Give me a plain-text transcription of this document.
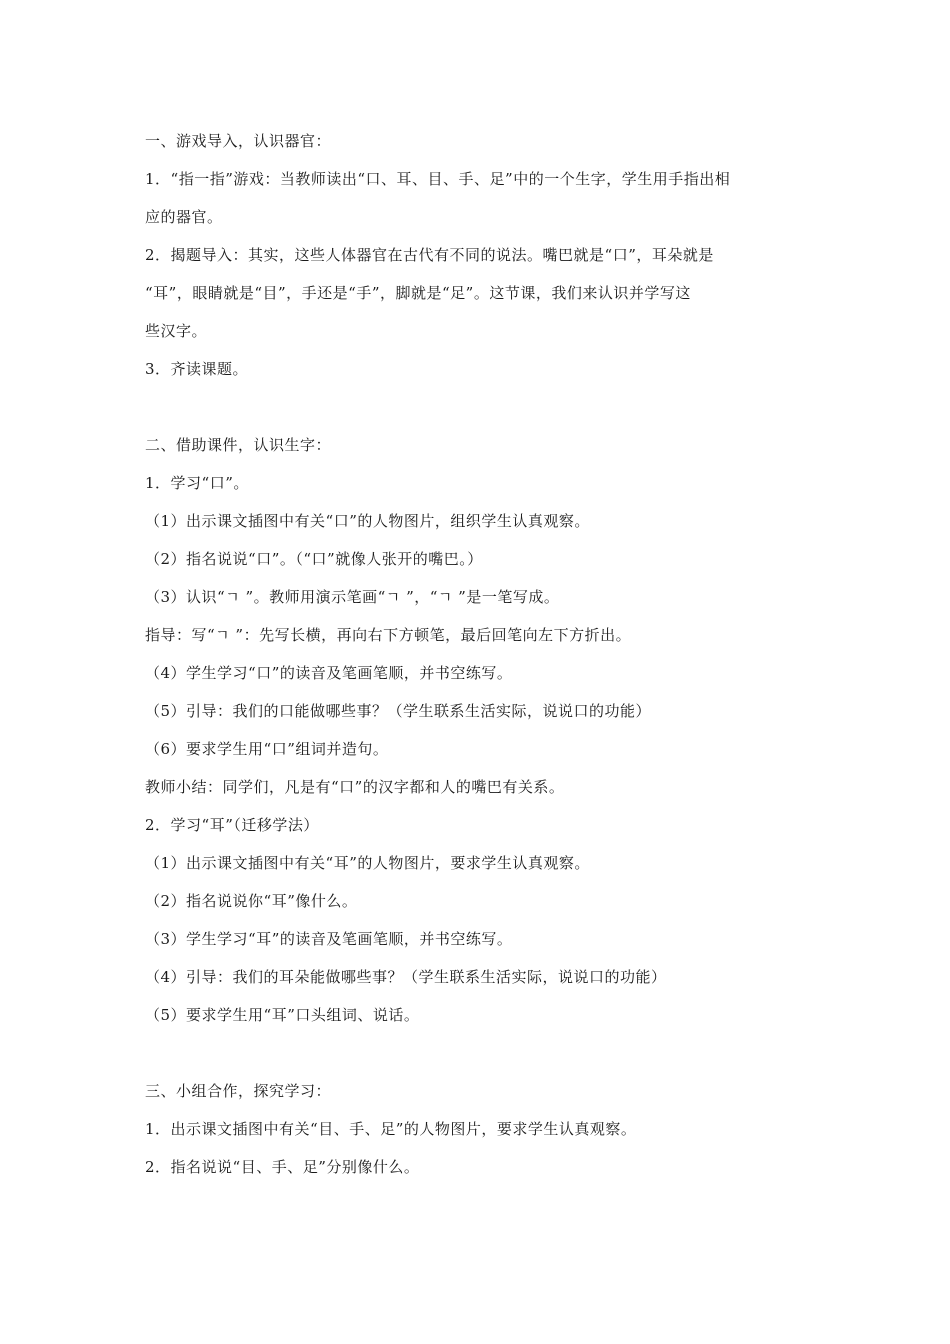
一、游戏导入，认识器官：
1．“指一指”游戏：当教师读出“口、耳、目、手、足”中的一个生字，学生用手指出相
应的器官。
2．揭题导入：其实，这些人体器官在古代有不同的说法。嘴巴就是“口”，耳朵就是
“耳”，眼睛就是“目”，手还是“手”，脚就是“足”。这节课，我们来认识并学写这
些汉字。
3．齐读课题。
二、借助课件，认识生字：
1．学习“口”。
（1）出示课文插图中有关“口”的人物图片，组织学生认真观察。
（2）指名说说“口”。（“口”就像人张开的嘴巴。）
（3）认识“ㄱ ”。教师用演示笔画“ㄱ ”，“ㄱ ”是一笔写成。
指导：写“ㄱ ”：先写长横，再向右下方顿笔，最后回笔向左下方折出。
（4）学生学习“口”的读音及笔画笔顺，并书空练写。
（5）引导：我们的口能做哪些事？（学生联系生活实际，说说口的功能）
（6）要求学生用“口”组词并造句。
教师小结：同学们，凡是有“口”的汉字都和人的嘴巴有关系。
2．学习“耳”（迁移学法）
（1）出示课文插图中有关“耳”的人物图片，要求学生认真观察。
（2）指名说说你“耳”像什么。
（3）学生学习“耳”的读音及笔画笔顺，并书空练写。
（4）引导：我们的耳朵能做哪些事？（学生联系生活实际，说说口的功能）
（5）要求学生用“耳”口头组词、说话。
三、小组合作，探究学习：
1．出示课文插图中有关“目、手、足”的人物图片，要求学生认真观察。
2．指名说说“目、手、足”分别像什么。
